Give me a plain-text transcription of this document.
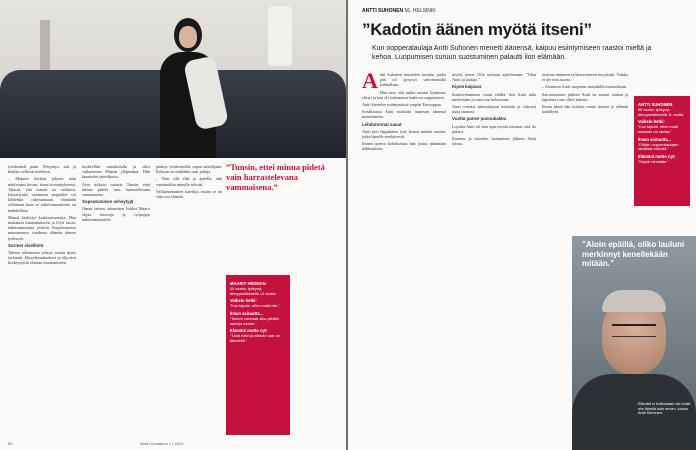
työskenteli paini. Pettymys, sitä ja kiukku vellovat mielessä.

– Maintse herkän, jokisin näin mielessäni kovan, itseni tiomintyksessä. Tajasin, että minun on valittava, käyrertyakö vammaan ympäriltä vai lähdenkö rakentamaan elämääni sellaisena kuin se näkövammaisena on mahdollista.

Maarit keskittyi katkeroituneista. Hän mukautui kuntoutukseen ja löysi uusia, näkövammaisia ystäviä. Kopeitoneissa muutamassa vuodessa elämän ääreen työkseen.

Sormet sivellintä

Taiteen tekeminen yrittyä, muttu myös turhautti. Akryylimaalaukset ja öljyvärit keskeytyivät elämän muutamiseen.

koskeelliin runtakolullu ja siksi vaikuttavan Maarin ylläpitämä. Hän kuuntelee taiteilijoita.

Aivo riitkaisi vaitarsi. Tunsin, ettei minua pidetä vain harrastelevana vammaisena.

Sopeutumisen selviytyjä

Oman taiteen tekemisen lisäksi Maarit ohjaa kursseja ja työpajoja näkövammaisille.

pitänyt työskennellä vapaa taiteilijana. Kokoan on mitkäkin uusi juttuja.

– Voin silti elää ja ajatella, että varmastikin minulle selviää.

Vallaanomainen taiteilija, mutta se on vain osa elämää.

”Tunsin, ettei minua pidetä vain harrastelevana vammaisena.”
MAARIT HEDMAN
45 vuotta, työkyvyttömyyseläkkeellä 14 vuotta
Vaikein hetki:
”Kun tajusin, etten enää näe.”
Ilman sairautta...
”Tekisin varmasti aika pitkälle samoja asioita.”
Elämäni motto nyt:
”Tänä hetki ja elämän vain on tärkeintä.”
82	Askin Kuvaamo 1 | 2013
ANTTI SUHONEN 56, HELSINKI
”Kadotin äänen myötä itseni”
Kun oopperalaulaja Antti Suhonen menetti äänensä, kaipuu esiintymiseen raastoi mieltä ja kehoa. Luopumisen suruun suostuminen palautti ilon elämään.

Antti Suhonen muistelee kevään, jonka pää oli pysynyt vahvemmalla kohdallaan.

Hän tiesi, että urkka saranti kyntmiin, ylittyi ja hän oli laulamassa kaikissa oopperoissa.

Antti kiertelee esiintymässä ympäri Eurooppaa.

Kesäkuussa Antti motkutti tuntuvan äänensä menettäneen.

Lehdutormat sanat

Antti pert lappakäsin tytä, kertoa mielen asioita, jotka hänelle merkitsevät.

Ennen uransa kohokohtaa hän joutui jättämään leikkauksen.

myötä itseni. Olin tottunut ajatelemaan: ”Olen Antti ja laulaja.”

Kipeä kaipaus

Katkeroituminen vaani välillä. Sen Antti näki mielessään ja tunsi sen kehossaan.

Antti vertaisi äänitaitojaan muistiin ja vahvisti uutta suuntaa.

Vuotta panee pannukakku

Lopulta Antti oli niin ajan myötä tottunut, että ilo palaisi.

Kuunuu ja asioiden laulamisen jälkeen Antti toteaa.

avustaa omineen työkavereineen myytävää. Vaikka ei ole niin suurta.

– Aiemmin Antti suojautui musiikilla muistoiltaan.

Sairastumisen jälkeen Antti on saanut rauhan ja lapsensa ovat olleet tukena.

Ilman ääntä hän kohtasi oman itsensä ja elämän uudelleen.

ANTTI SUHONEN
56 vuotta, työkyvyttömyyseläkkeellä 11 vuotta
Vaikein hetki:
”Kun tajusin, etten enää koskaan voi laulaa.”
Ilman sairautta...
”Eläisin oopperalaulajan tavallista elämää.”
Elämäni motto nyt:
”Nöyrä mennään.”
”Aloin epäillä, oliko lauluni merkinnyt kenellekään mitään.”
Elämää ei kuitenkaan ole enää niin lähellä kuin ennen, sanoo Antti Suhonen.
